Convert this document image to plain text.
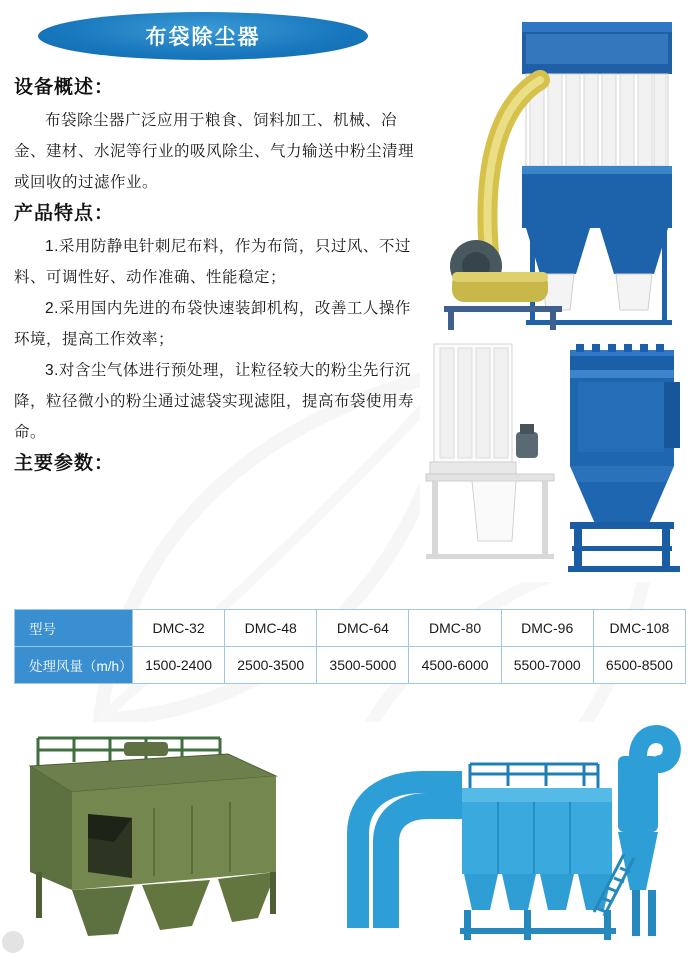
布袋除尘器
设备概述：

布袋除尘器广泛应用于粮食、饲料加工、机械、冶金、建材、水泥等行业的吸风除尘、气力输送中粉尘清理或回收的过滤作业。

产品特点：

1.采用防静电针刺尼布料，作为布筒，只过风、不过料、可调性好、动作准确、性能稳定；

2.采用国内先进的布袋快速装卸机构，改善工人操作环境，提高工作效率；

3.对含尘气体进行预处理，让粒径较大的粉尘先行沉降，粒径微小的粉尘通过滤袋实现滤阻，提高布袋使用寿命。

主要参数：
型号	DMC-32	DMC-48	DMC-64	DMC-80	DMC-96	DMC-108
处理风量（m/h）	1500-2400	2500-3500	3500-5000	4500-6000	5500-7000	6500-8500
